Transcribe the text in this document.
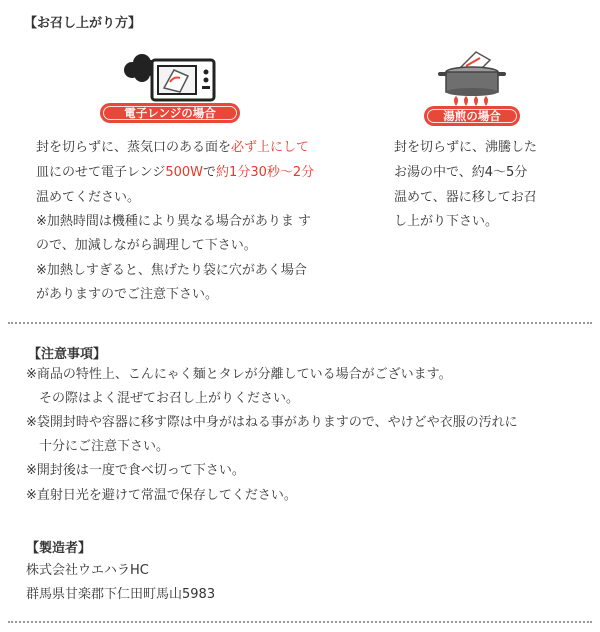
【お召し上がり方】
電子レンジの場合	湯煎の場合
封を切らずに、蒸気口のある面を必ず上にして
皿にのせて電子レンジ500Wで約1分30秒〜2分
温めてください。
※加熱時間は機種により異なる場合がありま す
ので、加減しながら調理して下さい。
※加熱しすぎると、焦げたり袋に穴があく場合
がありますのでご注意下さい。
封を切らずに、沸騰した
お湯の中で、約4〜5分
温めて、器に移してお召
し上がり下さい。
【注意事項】
※商品の特性上、こんにゃく麺とタレが分離している場合がございます。
　その際はよく混ぜてお召し上がりください。
※袋開封時や容器に移す際は中身がはねる事がありますので、やけどや衣服の汚れに
　十分にご注意下さい。
※開封後は一度で食べ切って下さい。
※直射日光を避けて常温で保存してください。
【製造者】
株式会社ウエハラHC
群馬県甘楽郡下仁田町馬山5983
